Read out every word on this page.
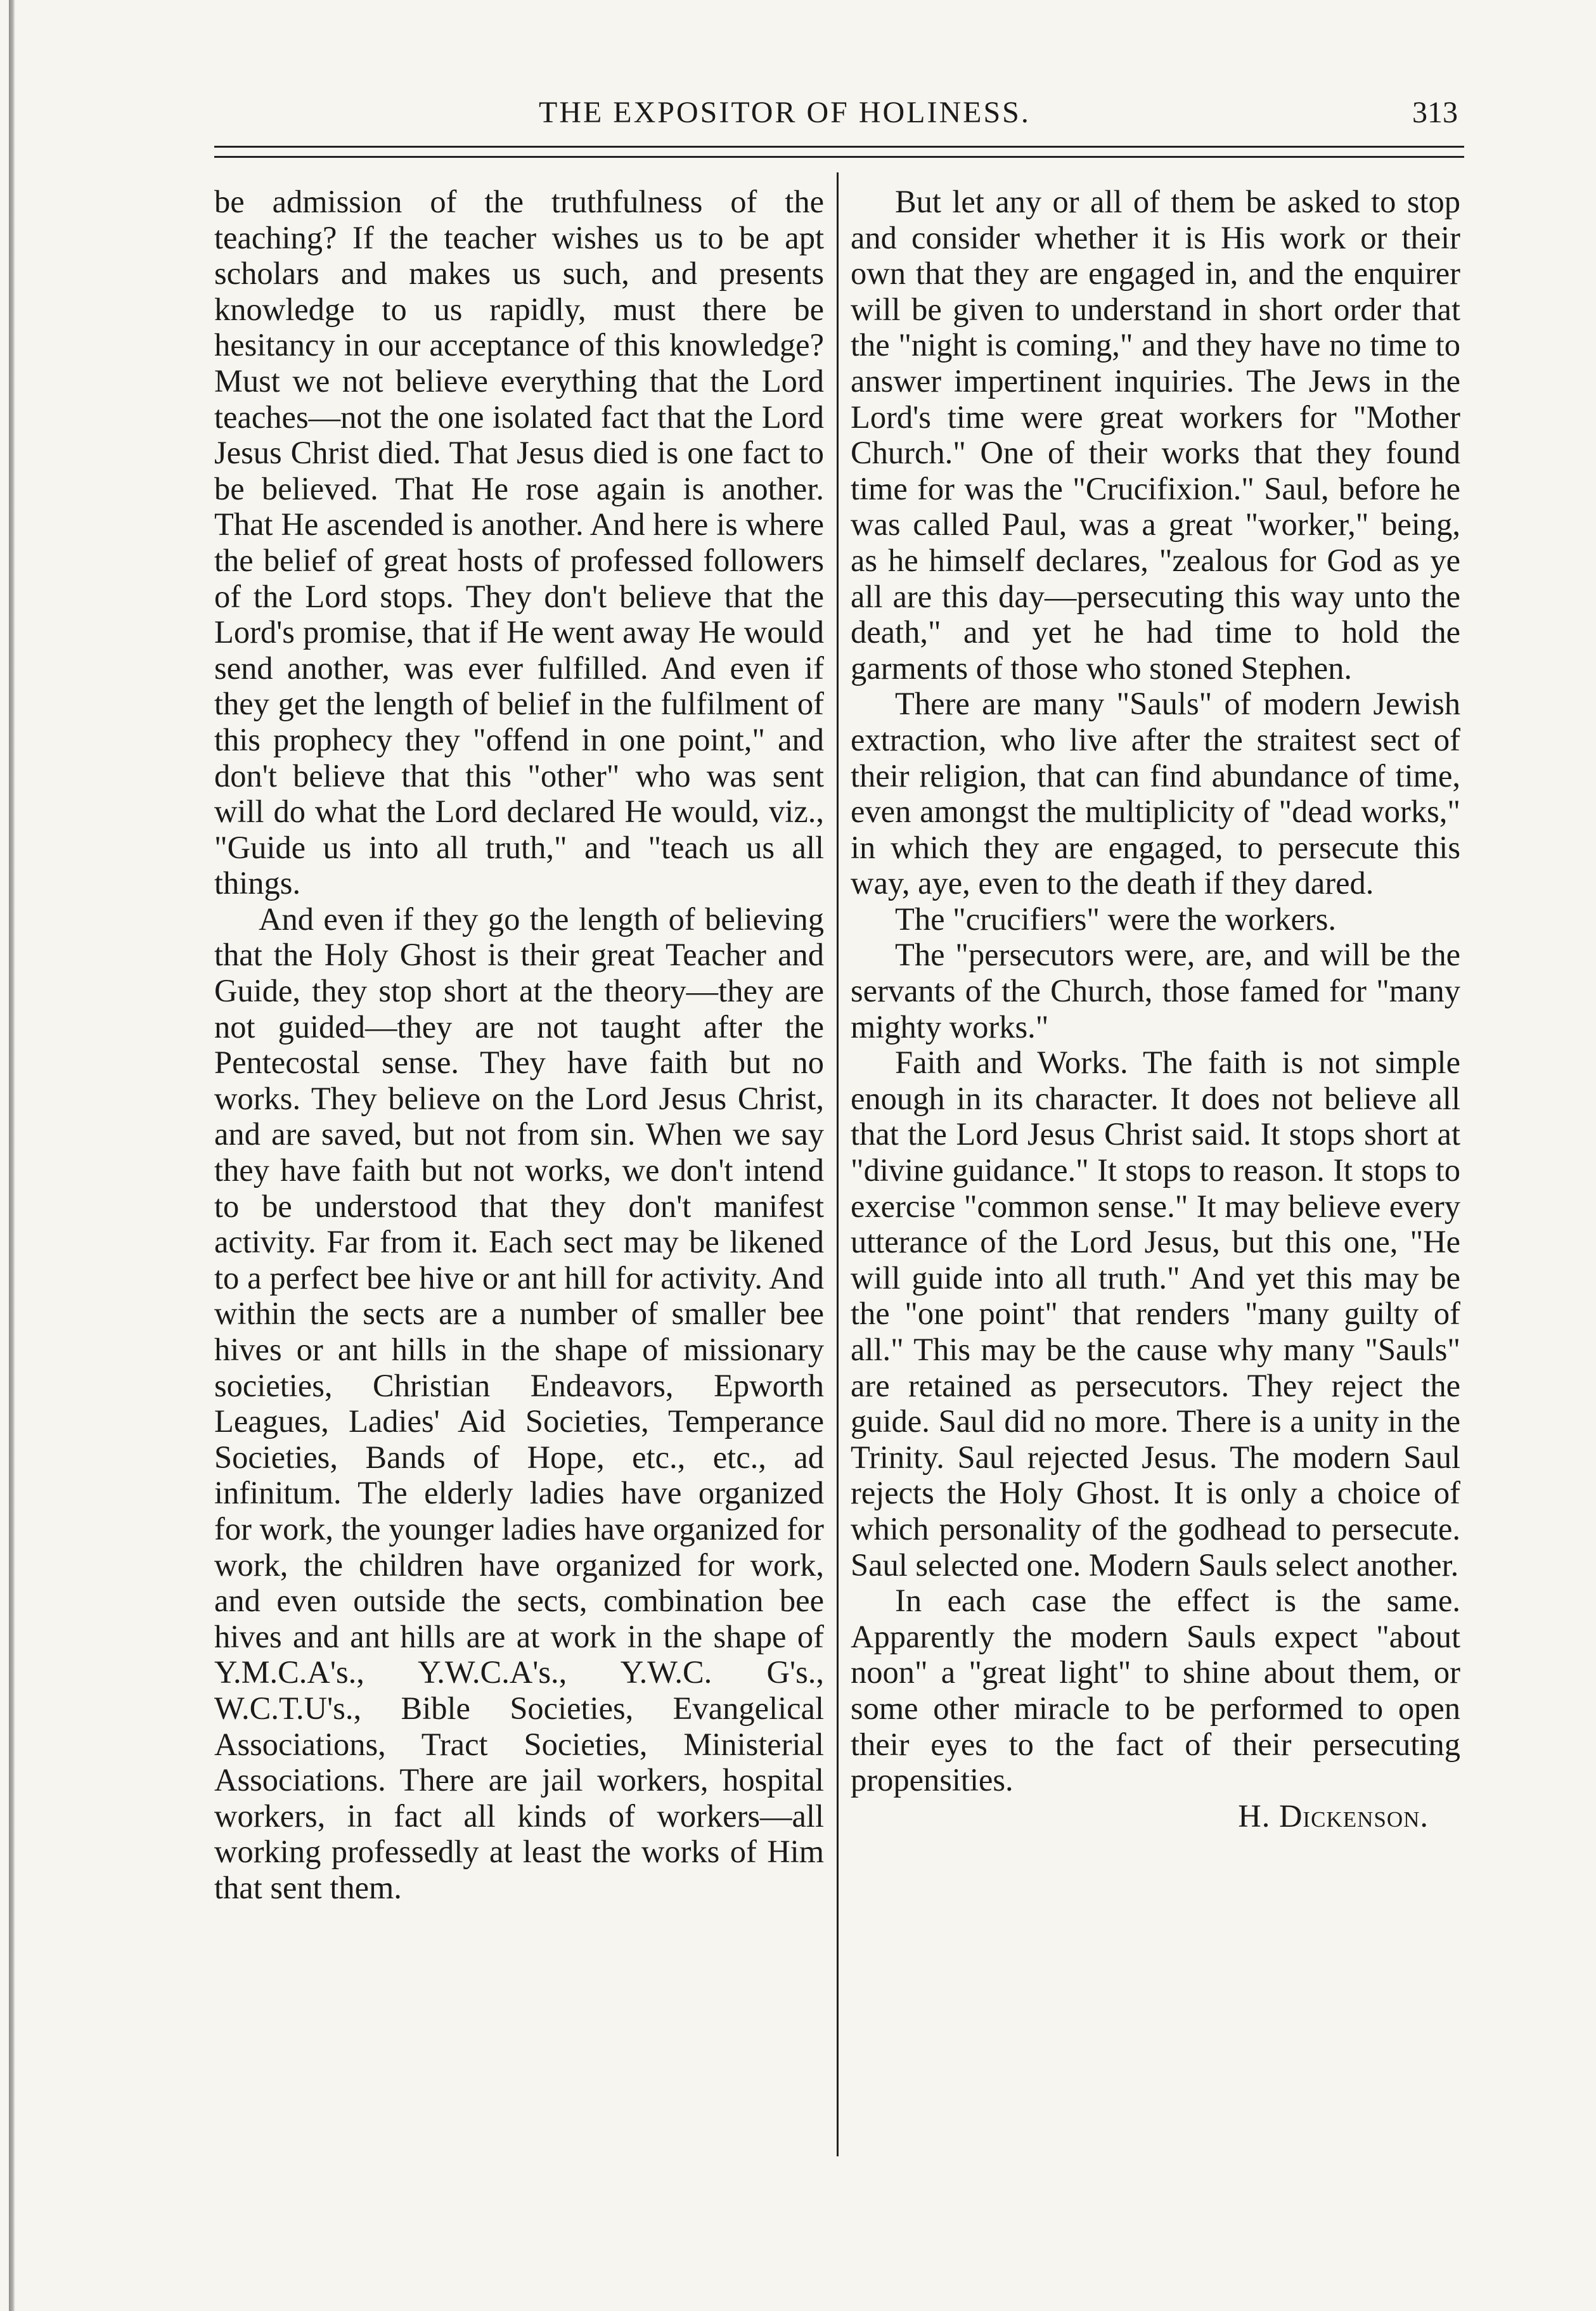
THE EXPOSITOR OF HOLINESS.	313

be admission of the truthfulness of the teaching? If the teacher wishes us to be apt scholars and makes us such, and presents knowledge to us rapidly, must there be hesitancy in our acceptance of this knowledge? Must we not believe everything that the Lord teaches—not the one isolated fact that the Lord Jesus Christ died. That Jesus died is one fact to be believed. That He rose again is another. That He ascended is another. And here is where the belief of great hosts of professed followers of the Lord stops. They don't believe that the Lord's promise, that if He went away He would send another, was ever fulfilled. And even if they get the length of belief in the fulfilment of this prophecy they "offend in one point," and don't believe that this "other" who was sent will do what the Lord declared He would, viz., "Guide us into all truth," and "teach us all things.

And even if they go the length of believing that the Holy Ghost is their great Teacher and Guide, they stop short at the theory—they are not guided—they are not taught after the Pentecostal sense. They have faith but no works. They believe on the Lord Jesus Christ, and are saved, but not from sin. When we say they have faith but not works, we don't intend to be understood that they don't manifest activity. Far from it. Each sect may be likened to a perfect bee hive or ant hill for activity. And within the sects are a number of smaller bee hives or ant hills in the shape of missionary societies, Christian Endeavors, Epworth Leagues, Ladies' Aid Societies, Temperance Societies, Bands of Hope, etc., etc., ad infinitum. The elderly ladies have organized for work, the younger ladies have organized for work, the children have organized for work, and even outside the sects, combination bee hives and ant hills are at work in the shape of Y.M.C.A's., Y.W.C.A's., Y.W.C. G's., W.C.T.U's., Bible Societies, Evangelical Associations, Tract Societies, Ministerial Associations. There are jail workers, hospital workers, in fact all kinds of workers—all working professedly at least the works of Him that sent them.

But let any or all of them be asked to stop and consider whether it is His work or their own that they are engaged in, and the enquirer will be given to understand in short order that the "night is coming," and they have no time to answer impertinent inquiries. The Jews in the Lord's time were great workers for "Mother Church." One of their works that they found time for was the "Crucifixion." Saul, before he was called Paul, was a great "worker," being, as he himself declares, "zealous for God as ye all are this day—persecuting this way unto the death," and yet he had time to hold the garments of those who stoned Stephen.

There are many "Sauls" of modern Jewish extraction, who live after the straitest sect of their religion, that can find abundance of time, even amongst the multiplicity of "dead works," in which they are engaged, to persecute this way, aye, even to the death if they dared.

The "crucifiers" were the workers.

The "persecutors were, are, and will be the servants of the Church, those famed for "many mighty works."

Faith and Works. The faith is not simple enough in its character. It does not believe all that the Lord Jesus Christ said. It stops short at "divine guidance." It stops to reason. It stops to exercise "common sense." It may believe every utterance of the Lord Jesus, but this one, "He will guide into all truth." And yet this may be the "one point" that renders "many guilty of all." This may be the cause why many "Sauls" are retained as persecutors. They reject the guide. Saul did no more. There is a unity in the Trinity. Saul rejected Jesus. The modern Saul rejects the Holy Ghost. It is only a choice of which personality of the godhead to persecute. Saul selected one. Modern Sauls select another.

In each case the effect is the same. Apparently the modern Sauls expect "about noon" a "great light" to shine about them, or some other miracle to be performed to open their eyes to the fact of their persecuting propensities.

H. Dickenson.
